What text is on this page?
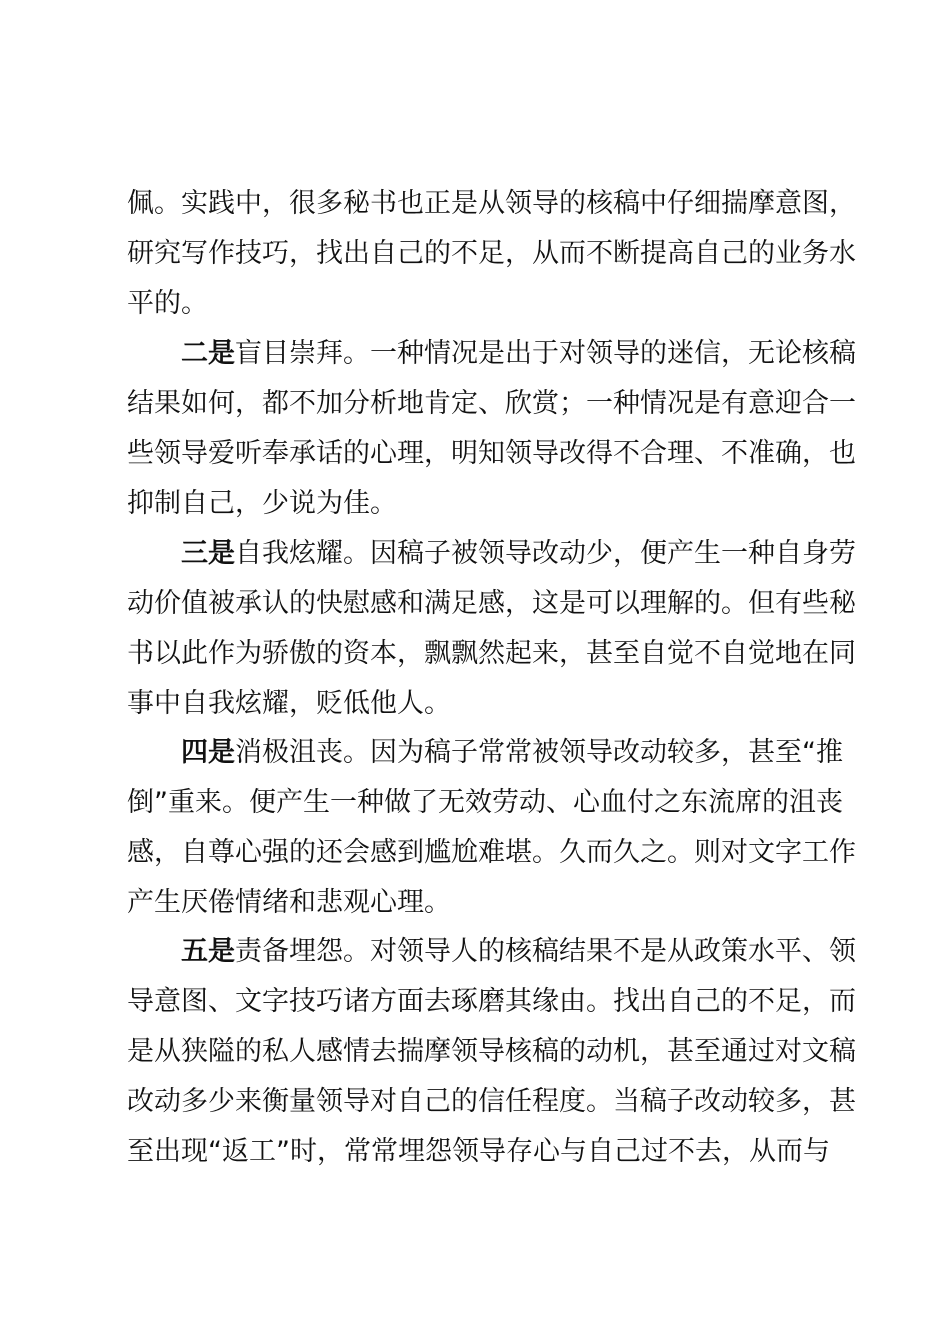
佩。实践中，很多秘书也正是从领导的核稿中仔细揣摩意图，
研究写作技巧，找出自己的不足，从而不断提高自己的业务水
平的。
二是盲目崇拜。一种情况是出于对领导的迷信，无论核稿
结果如何，都不加分析地肯定、欣赏；一种情况是有意迎合一
些领导爱听奉承话的心理，明知领导改得不合理、不准确，也
抑制自己，少说为佳。
三是自我炫耀。因稿子被领导改动少，便产生一种自身劳
动价值被承认的快慰感和满足感，这是可以理解的。但有些秘
书以此作为骄傲的资本，飘飘然起来，甚至自觉不自觉地在同
事中自我炫耀，贬低他人。
四是消极沮丧。因为稿子常常被领导改动较多，甚至“推
倒”重来。便产生一种做了无效劳动、心血付之东流席的沮丧
感，自尊心强的还会感到尴尬难堪。久而久之。则对文字工作
产生厌倦情绪和悲观心理。
五是责备埋怨。对领导人的核稿结果不是从政策水平、领
导意图、文字技巧诸方面去琢磨其缘由。找出自己的不足，而
是从狭隘的私人感情去揣摩领导核稿的动机，甚至通过对文稿
改动多少来衡量领导对自己的信任程度。当稿子改动较多，甚
至出现“返工”时，常常埋怨领导存心与自己过不去，从而与
